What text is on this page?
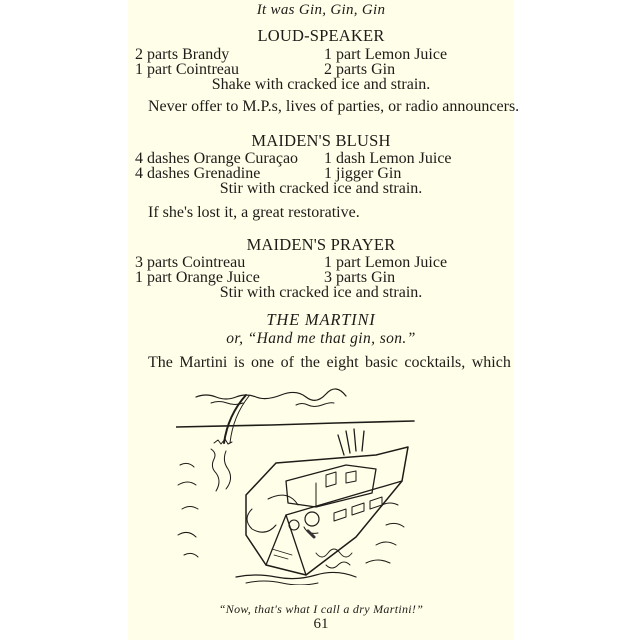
It was Gin, Gin, Gin
LOUD-SPEAKER
2 parts Brandy
1 part Cointreau
1 part Lemon Juice
2 parts Gin
Shake with cracked ice and strain.
Never offer to M.P.s, lives of parties, or radio announcers.
MAIDEN'S BLUSH
4 dashes Orange Curaçao
4 dashes Grenadine
1 dash Lemon Juice
1 jigger Gin
Stir with cracked ice and strain.
If she's lost it, a great restorative.
MAIDEN'S PRAYER
3 parts Cointreau
1 part Orange Juice
1 part Lemon Juice
3 parts Gin
Stir with cracked ice and strain.
THE MARTINI
or, “Hand me that gin, son.”
The Martini is one of the eight basic cocktails, which
“Now, that's what I call a dry Martini!”
61
